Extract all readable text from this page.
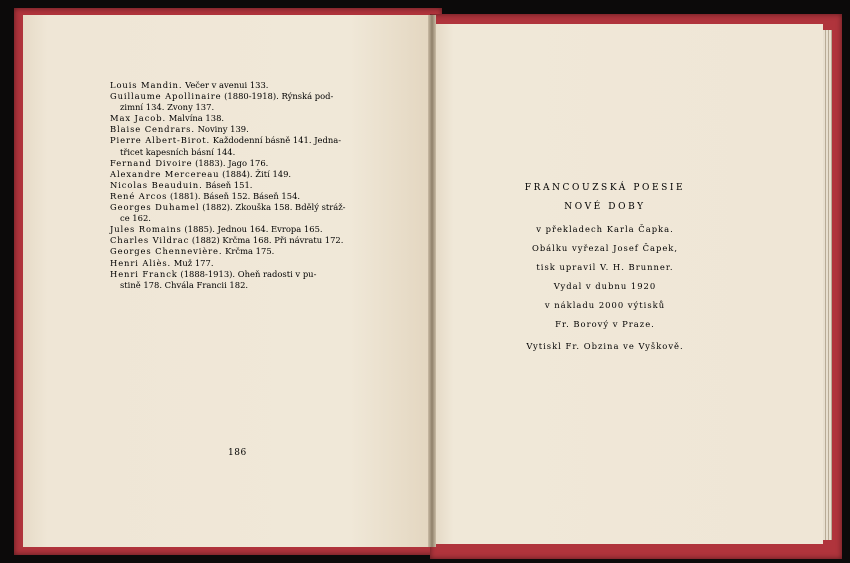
Louis Mandin. Večer v avenui 133.
Guillaume Apollinaire (1880-1918). Rýnská pod-
zimní 134. Zvony 137.
Max Jacob. Malvína 138.
Blaise Cendrars. Noviny 139.
Pierre Albert-Birot. Každodenní básně 141. Jedna-
třicet kapesních básní 144.
Fernand Divoire (1883). Jago 176.
Alexandre Mercereau (1884). Žití 149.
Nicolas Beauduin. Báseň 151.
René Arcos (1881). Báseň 152. Báseň 154.
Georges Duhamel (1882). Zkouška 158. Bdělý stráž-
ce 162.
Jules Romains (1885). Jednou 164. Evropa 165.
Charles Vildrac (1882) Krčma 168. Při návratu 172.
Georges Chennevière. Krčma 175.
Henri Aliès. Muž 177.
Henri Franck (1888-1913). Oheň radosti v pu-
stině 178. Chvála Francii 182.
186
FRANCOUZSKÁ POESIE
NOVÉ DOBY
v překladech Karla Čapka.
Obálku vyřezal Josef Čapek,
tisk upravil V. H. Brunner.
Vydal v dubnu 1920
v nákladu 2000 výtisků
Fr. Borový v Praze.
Vytiskl Fr. Obzina ve Vyškově.
